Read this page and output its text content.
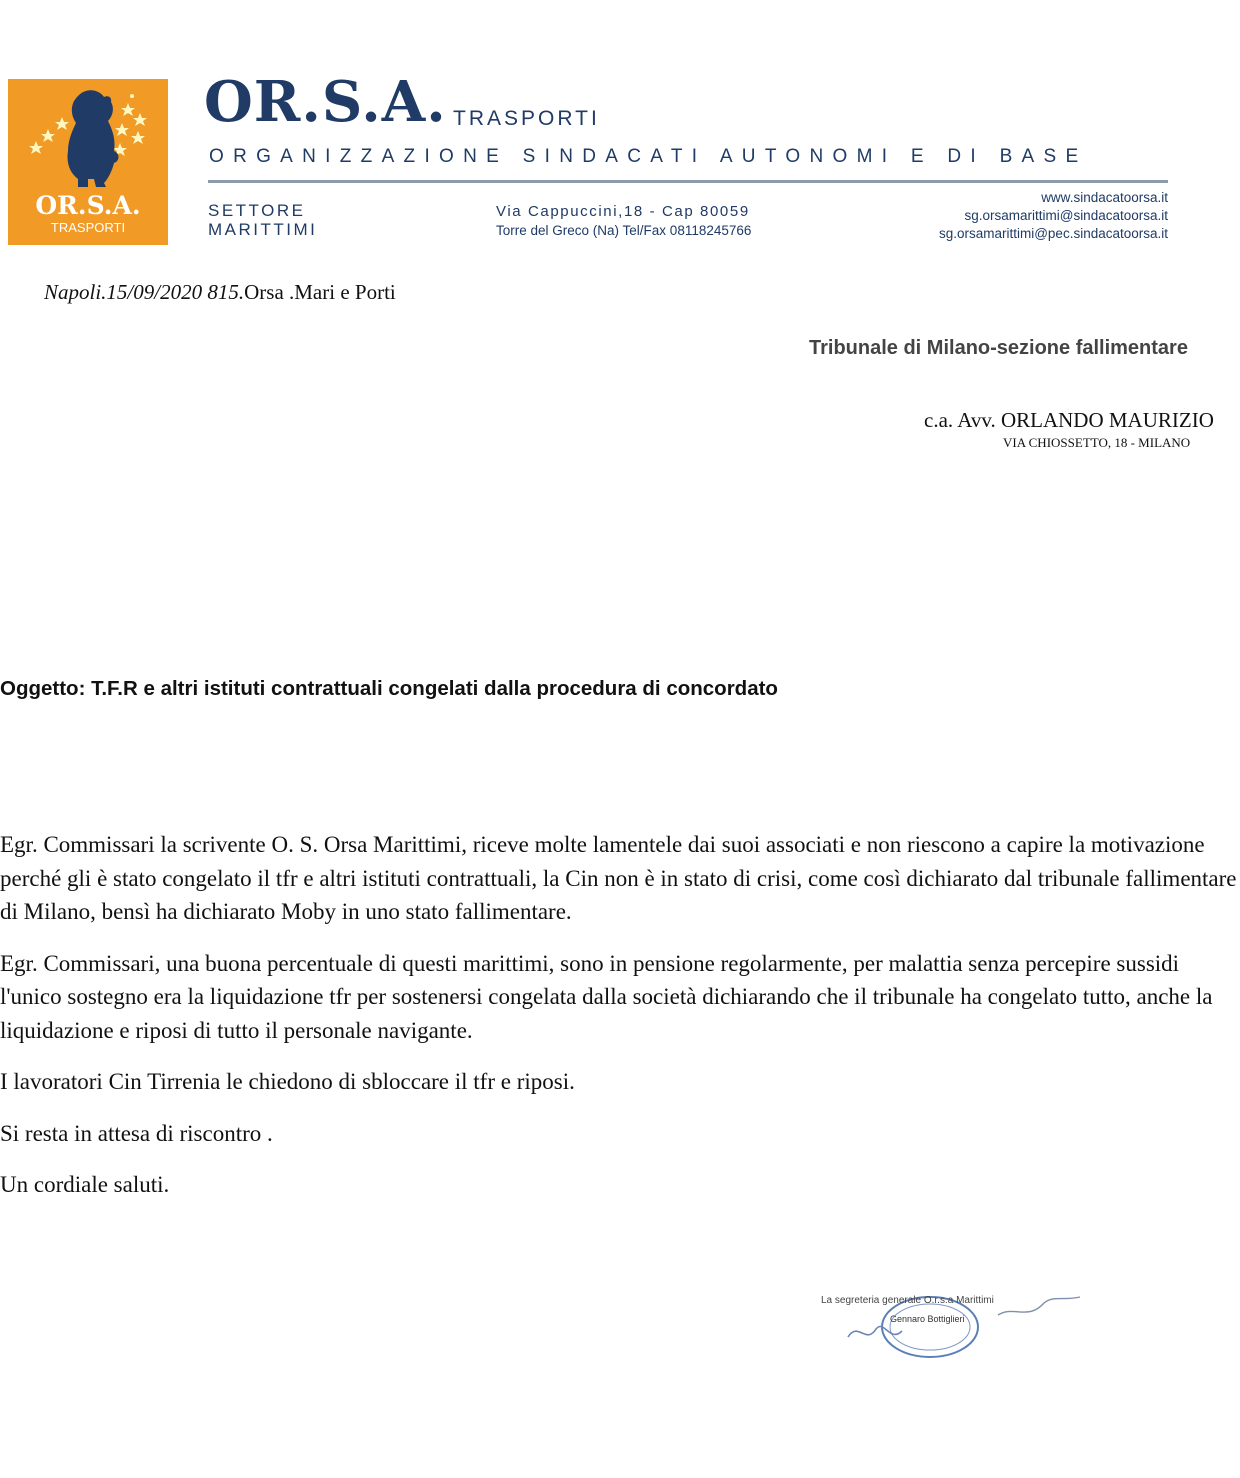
OR.S.A.
TRASPORTI
OR.S.A. TRASPORTI
ORGANIZZAZIONE SINDACATI AUTONOMI E DI BASE
SETTORE
MARITTIMI
Via Cappuccini,18 - Cap 80059
Torre del Greco (Na) Tel/Fax 08118245766
www.sindacatoorsa.it
sg.orsamarittimi@sindacatoorsa.it
sg.orsamarittimi@pec.sindacatoorsa.it
Napoli.15/09/2020 815.Orsa .Mari e Porti
Tribunale di Milano-sezione fallimentare
c.a. Avv. ORLANDO MAURIZIO
VIA CHIOSSETTO, 18 - MILANO
Oggetto: T.F.R e altri istituti contrattuali congelati dalla procedura di concordato

Egr. Commissari la scrivente O. S. Orsa Marittimi, riceve molte lamentele dai suoi associati e non riescono a capire la motivazione perché gli è stato congelato il tfr e altri istituti contrattuali, la Cin non è in stato di crisi, come così dichiarato dal tribunale fallimentare di Milano, bensì ha dichiarato Moby in uno stato fallimentare.

Egr. Commissari, una buona percentuale di questi marittimi, sono in pensione regolarmente, per malattia senza percepire sussidi l'unico sostegno era la liquidazione tfr per sostenersi congelata dalla società dichiarando che il tribunale ha congelato tutto, anche la liquidazione e riposi di tutto il personale navigante.

I lavoratori Cin Tirrenia le chiedono di sbloccare il tfr e riposi.

Si resta in attesa di riscontro .

Un cordiale saluti.

La segreteria generale O.r.s.a Marittimi
Gennaro Bottiglieri
